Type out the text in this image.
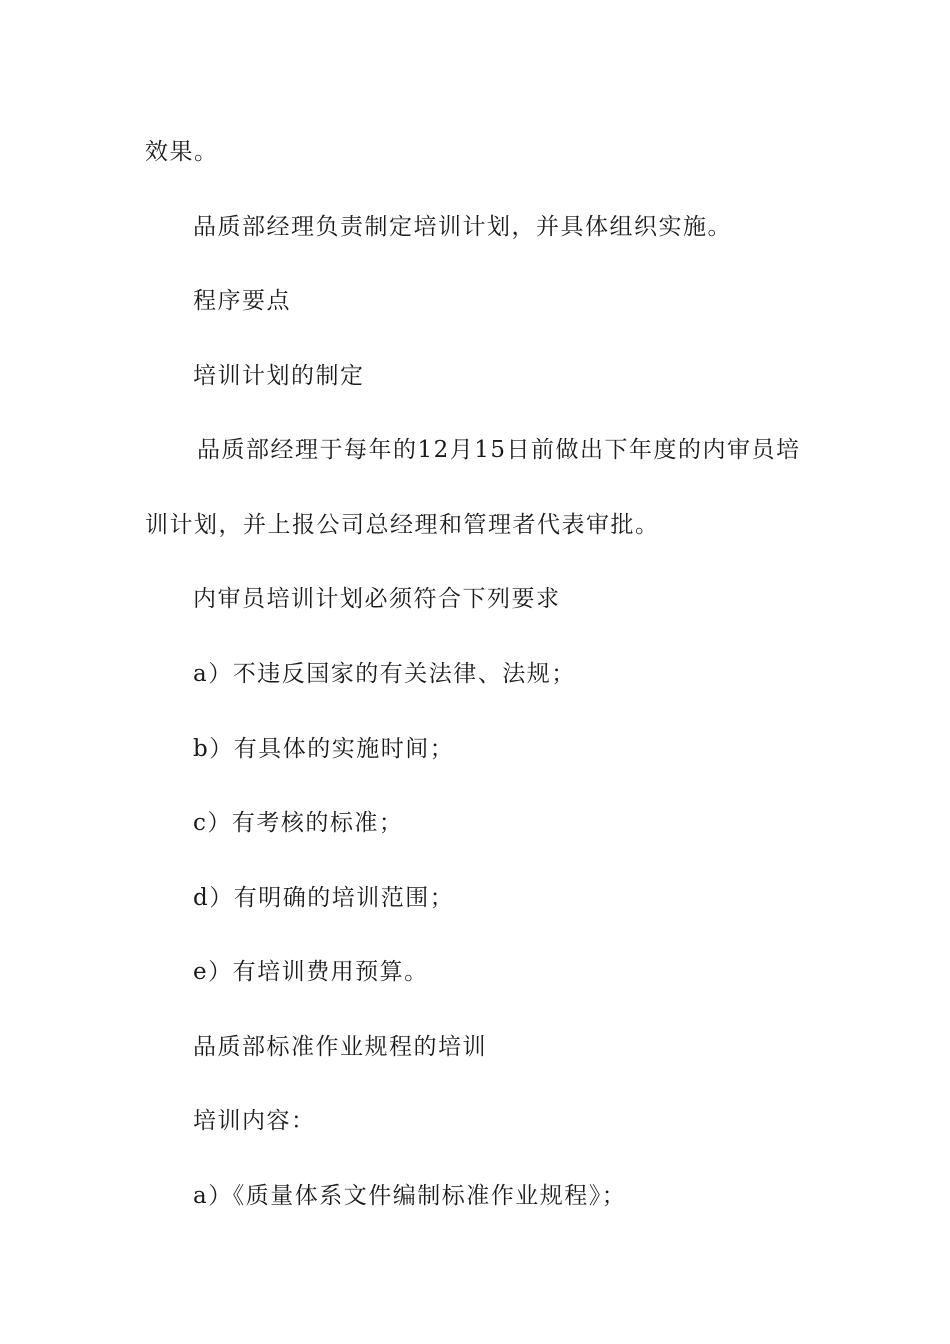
效果。
品质部经理负责制定培训计划，并具体组织实施。
程序要点
培训计划的制定
品质部经理于每年的12月15日前做出下年度的内审员培
训计划，并上报公司总经理和管理者代表审批。
内审员培训计划必须符合下列要求
a）不违反国家的有关法律、法规；
b）有具体的实施时间；
c）有考核的标准；
d）有明确的培训范围；
e）有培训费用预算。
品质部标准作业规程的培训
培训内容：
a）《质量体系文件编制标准作业规程》；
